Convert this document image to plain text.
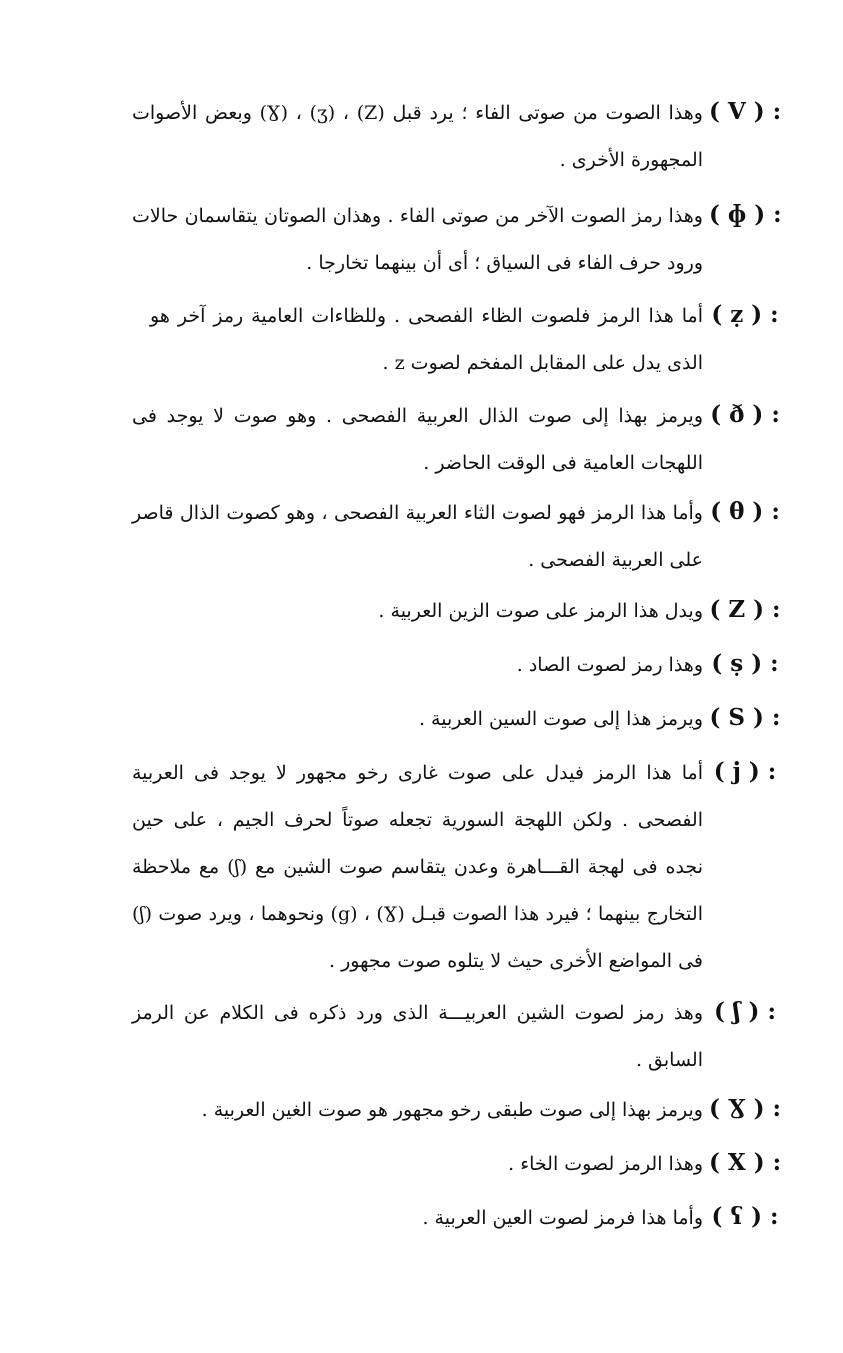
( V ) :
وهذا الصوت من صوتى الفاء ؛ يرد قبل (Z) ، (ʒ) ، (Ɣ) وبعض الأصوات المجهورة الأخرى .
( ɸ ) :
وهذا رمز الصوت الآخر من صوتى الفاء . وهذان الصوتان يتقاسمان حالات ورود حرف الفاء فى السياق ؛ أى أن بينهما تخارجا .
( ẓ ) :
أما هذا الرمز فلصوت الظاء الفصحى . وللظاءات العامية رمز آخر هو الذى يدل على المقابل المفخم لصوت z .
( ð ) :
ويرمز بهذا إلى صوت الذال العربية الفصحى . وهو صوت لا يوجد فى اللهجات العامية فى الوقت الحاضر .
( θ ) :
وأما هذا الرمز فهو لصوت الثاء العربية الفصحى ، وهو كصوت الذال قاصر على العربية الفصحى .
( Z ) :
ويدل هذا الرمز على صوت الزين العربية .
( ṣ ) :
وهذا رمز لصوت الصاد .
( S ) :
ويرمز هذا إلى صوت السين العربية .
( j ) :
أما هذا الرمز فيدل على صوت غارى رخو مجهور لا يوجد فى العربية الفصحى . ولكن اللهجة السورية تجعله صوتاً لحرف الجيم ، على حين نجده فى لهجة القـــاهرة وعدن يتقاسم صوت الشين مع (ʃ) مع ملاحظة التخارج بينهما ؛ فيرد هذا الصوت قبـل (Ɣ) ، (g) ونحوهما ، ويرد صوت (ʃ) فى المواضع الأخرى حيث لا يتلوه صوت مجهور .
( ʃ ) :
وهذ رمز لصوت الشين العربيـــة الذى ورد ذكره فى الكلام عن الرمز السابق .
( Ɣ ) :
ويرمز بهذا إلى صوت طبقى رخو مجهور هو صوت الغين العربية .
( X ) :
وهذا الرمز لصوت الخاء .
( ʕ ) :
وأما هذا فرمز لصوت العين العربية .
